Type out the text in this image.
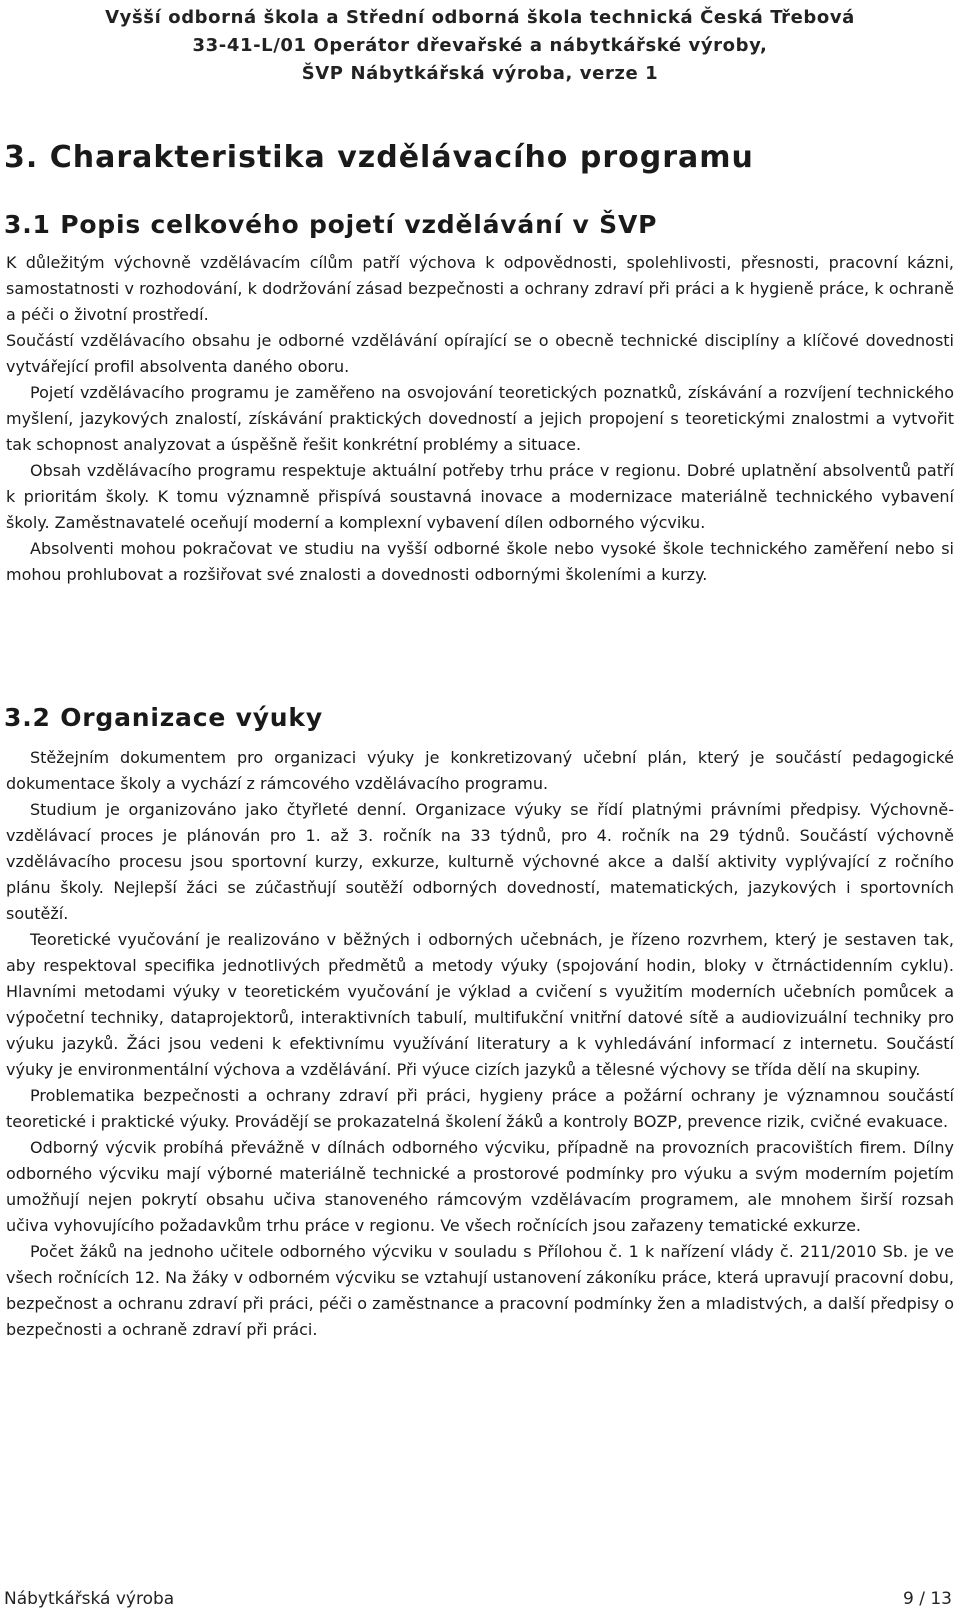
Vyšší odborná škola a Střední odborná škola technická Česká Třebová
33-41-L/01 Operátor dřevařské a nábytkářské výroby,
ŠVP Nábytkářská výroba, verze 1
3. Charakteristika vzdělávacího programu
3.1 Popis celkového pojetí vzdělávání v ŠVP

K důležitým výchovně vzdělávacím cílům patří výchova k odpovědnosti, spolehlivosti, přesnosti, pracovní kázni, samostatnosti v rozhodování, k dodržování zásad bezpečnosti a ochrany zdraví při práci a k hygieně práce, k ochraně a péči o životní prostředí.

Součástí vzdělávacího obsahu je odborné vzdělávání opírající se o obecně technické disciplíny a klíčové dovednosti vytvářející profil absolventa daného oboru.

Pojetí vzdělávacího programu je zaměřeno na osvojování teoretických poznatků, získávání a rozvíjení technického myšlení, jazykových znalostí, získávání praktických dovedností a jejich propojení s teoretickými znalostmi a vytvořit tak schopnost analyzovat a úspěšně řešit konkrétní problémy a situace.

Obsah vzdělávacího programu respektuje aktuální potřeby trhu práce v regionu. Dobré uplatnění absolventů patří k prioritám školy. K tomu významně přispívá soustavná inovace a modernizace materiálně technického vybavení školy. Zaměstnavatelé oceňují moderní a komplexní vybavení dílen odborného výcviku.

Absolventi mohou pokračovat ve studiu na vyšší odborné škole nebo vysoké škole technického zaměření nebo si mohou prohlubovat a rozšiřovat své znalosti a dovednosti odbornými školeními a kurzy.

3.2 Organizace výuky

Stěžejním dokumentem pro organizaci výuky je konkretizovaný učební plán, který je součástí pedagogické dokumentace školy a vychází z rámcového vzdělávacího programu.

Studium je organizováno jako čtyřleté denní. Organizace výuky se řídí platnými právními předpisy. Výchovně-vzdělávací proces je plánován pro 1. až 3. ročník na 33 týdnů, pro 4. ročník na 29 týdnů. Součástí výchovně vzdělávacího procesu jsou sportovní kurzy, exkurze, kulturně výchovné akce a další aktivity vyplývající z ročního plánu školy. Nejlepší žáci se zúčastňují soutěží odborných dovedností, matematických, jazykových i sportovních soutěží.

Teoretické vyučování je realizováno v běžných i odborných učebnách, je řízeno rozvrhem, který je sestaven tak, aby respektoval specifika jednotlivých předmětů a metody výuky (spojování hodin, bloky v čtrnáctidenním cyklu). Hlavními metodami výuky v teoretickém vyučování je výklad a cvičení s využitím moderních učebních pomůcek a výpočetní techniky, dataprojektorů, interaktivních tabulí, multifukční vnitřní datové sítě a audiovizuální techniky pro výuku jazyků. Žáci jsou vedeni k efektivnímu využívání literatury a k vyhledávání informací z internetu. Součástí výuky je environmentální výchova a vzdělávání. Při výuce cizích jazyků a tělesné výchovy se třída dělí na skupiny.

Problematika bezpečnosti a ochrany zdraví při práci, hygieny práce a požární ochrany je významnou součástí teoretické i praktické výuky. Provádějí se prokazatelná školení žáků a kontroly BOZP, prevence rizik, cvičné evakuace.

Odborný výcvik probíhá převážně v dílnách odborného výcviku, případně na provozních pracovištích firem. Dílny odborného výcviku mají výborné materiálně technické a prostorové podmínky pro výuku a svým moderním pojetím umožňují nejen pokrytí obsahu učiva stanoveného rámcovým vzdělávacím programem, ale mnohem širší rozsah učiva vyhovujícího požadavkům trhu práce v regionu. Ve všech ročnících jsou zařazeny tematické exkurze.

Počet žáků na jednoho učitele odborného výcviku v souladu s Přílohou č. 1 k nařízení vlády č. 211/2010 Sb. je ve všech ročnících 12. Na žáky v odborném výcviku se vztahují ustanovení zákoníku práce, která upravují pracovní dobu, bezpečnost a ochranu zdraví při práci, péči o zaměstnance a pracovní podmínky žen a mladistvých, a další předpisy o bezpečnosti a ochraně zdraví při práci.

Nábytkářská výroba	9 / 13
